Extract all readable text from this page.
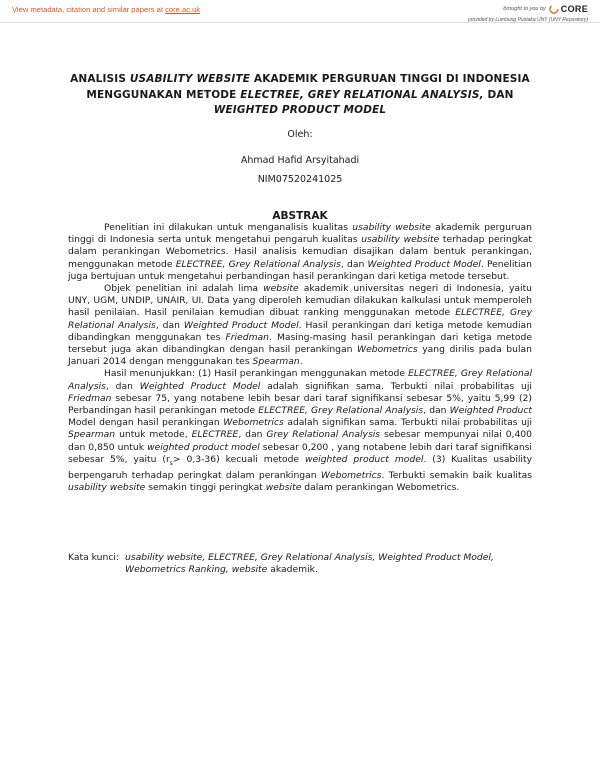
View metadata, citation and similar papers at core.ac.uk	brought to you by CORE
provided by Lumbung Pustaka UNY (UNY Repository)
ANALISIS USABILITY WEBSITE AKADEMIK PERGURUAN TINGGI DI INDONESIA MENGGUNAKAN METODE ELECTREE, GREY RELATIONAL ANALYSIS, DAN WEIGHTED PRODUCT MODEL
Oleh:
Ahmad Hafid Arsyitahadi
NIM07520241025
ABSTRAK

Penelitian ini dilakukan untuk menganalisis kualitas usability website akademik perguruan tinggi di Indonesia serta untuk mengetahui pengaruh kualitas usability website terhadap peringkat dalam perankingan Webometrics. Hasil analisis kemudian disajikan dalam bentuk perankingan, menggunakan metode ELECTREE, Grey Relational Analysis, dan Weighted Product Model. Penelitian juga bertujuan untuk mengetahui perbandingan hasil perankingan dari ketiga metode tersebut.

Objek penelitian ini adalah lima website akademik universitas negeri di Indonesia, yaitu UNY, UGM, UNDIP, UNAIR, UI. Data yang diperoleh kemudian dilakukan kalkulasi untuk memperoleh hasil penilaian. Hasil penilaian kemudian dibuat ranking menggunakan metode ELECTREE, Grey Relational Analysis, dan Weighted Product Model. Hasil perankingan dari ketiga metode kemudian dibandingkan menggunakan tes Friedman. Masing-masing hasil perankingan dari ketiga metode tersebut juga akan dibandingkan dengan hasil perankingan Webometrics yang dirilis pada bulan Januari 2014 dengan menggunakan tes Spearman.

Hasil menunjukkan: (1) Hasil perankingan menggunakan metode ELECTREE, Grey Relational Analysis, dan Weighted Product Model adalah signifikan sama. Terbukti nilai probabilitas uji Friedman sebesar 75, yang notabene lebih besar dari taraf signifikansi sebesar 5%, yaitu 5,99 (2) Perbandingan hasil perankingan metode ELECTREE, Grey Relational Analysis, dan Weighted Product Model dengan hasil perankingan Webometrics adalah signifikan sama. Terbukti nilai probabilitas uji Spearman untuk metode, ELECTREE, dan Grey Relational Analysis sebesar mempunyai nilai 0,400 dan 0,850 untuk weighted product model sebesar 0,200 , yang notabene lebih dari taraf signifikansi sebesar 5%, yaitu $(r_s> 0,3-36)$ kecuali metode weighted product model. (3) Kualitas usability berpengaruh terhadap peringkat dalam perankingan Webometrics. Terbukti semakin baik kualitas usability website semakin tinggi peringkat website dalam perankingan Webometrics.

Kata kunci: usability website, ELECTREE, Grey Relational Analysis, Weighted Product Model, Webometrics Ranking, website akademik.
